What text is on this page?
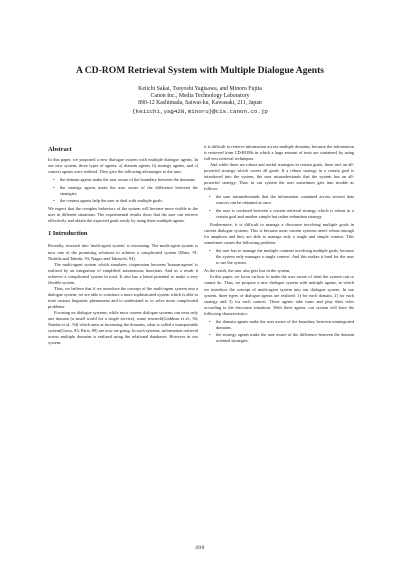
A CD-ROM Retrieval System with Multiple Dialogue Agents
Keiichi Sakai, Tsuyoshi Yagisawa, and Minoru Fujita
Canon Inc., Media Technology Laboratory
890-12 Kashimada, Saiwai-ku, Kawasaki, 211, Japan
{keiichi,yag428,minoru}@cis.canon.co.jp
Abstract

In this paper, we proposed a new dialogue system with multiple dialogue agents. In our new system, three types of agents: a) domain agents, b) strategy agents, and c) context agents were realized. They give the following advantages to the user:

• the domain agents make the user aware of the boundary between the domains.
• the strategy agents make the user aware of the difference between the strategies.
• the context agents help the user to deal with multiple goals.

We expect that the complex behaviors of the system will become more visible to the user in different situations. The experimental results show that the user can retrieve effectively and obtain the expected goals easily by using these multiple agents.

1 Introduction

Recently, research into 'multi-agent system' is increasing. The multi-agent system is now one of the promising solutions to achieve a complicated system (Maes, 91; Nishida and Takeda, 93; Nagao and Takeuchi, 94).

The multi-agent system which simulates cooperation between 'human-agents' is realized by an integration of simplified autonomous functions. And as a result it achieves a complicated system in total. It also has a latent potential to make a very flexible system.

Thus, we believe that if we introduce the concept of the multi-agent system into a dialogue system, we are able to construct a more sophisticated system which is able to treat various linguistic phenomena and to understand or to solve more complicated problems.

Focusing on dialogue systems, while most current dialogue systems can treat only one domain (a small world for a single service), some research(Goddeau et al., 94; Namba et al., 94) which aims at increasing the domains, what is called a transportable system(Grosz, 83; Paris, 89) are now on-going. In such systems, information retrieval across multiple domains is realized using the relational databases. However in our system,

it is difficult to retrieve information across multiple domains, because the information is retrieved from CD-ROMs in which a large amount of texts are contained, by using full-text retrieval techniques.

And while there are robust and useful strategies in certain goals, there isn't an all-powerful strategy which covers all goals. If a robust strategy in a certain goal is introduced into the system, the user misunderstands that the system has an all-powerful strategy. Thus, in our system the user sometimes gets into trouble as follows:

• the user misunderstands that the information contained across several data sources can be obtained at once.
• the user is confused between a certain retrieval strategy which is robust in a certain goal and another simple but rather redundant strategy.

Furthermore, it is difficult to manage a discourse involving multiple goals in current dialogue systems. This is because most current systems aren't robust enough for anaphora and they are able to manage only a single and simple context. This sometimes causes the following problem:

• the user has to manage the multiple contexts involving multiple goals, because the system only manages a single context. And this makes it hard for the user to use the system.

As the result, the user also gets lost in the system.

In this paper, we focus on how to make the user aware of what the system can or cannot do. Thus, we propose a new dialogue system with multiple agents, in which we introduce the concept of multi-agent system into our dialogue system. In our system, three types of dialogue agents are realized: 1) for each domain, 2) for each strategy and 3) for each context. These agents take turns and play their roles according to the discourse situations. With these agents, our system will have the following characteristics:

• the domain agents make the user aware of the boundary between unintegrated domains.
• the strategy agents make the user aware of the difference between the domain oriented strategies.
400
